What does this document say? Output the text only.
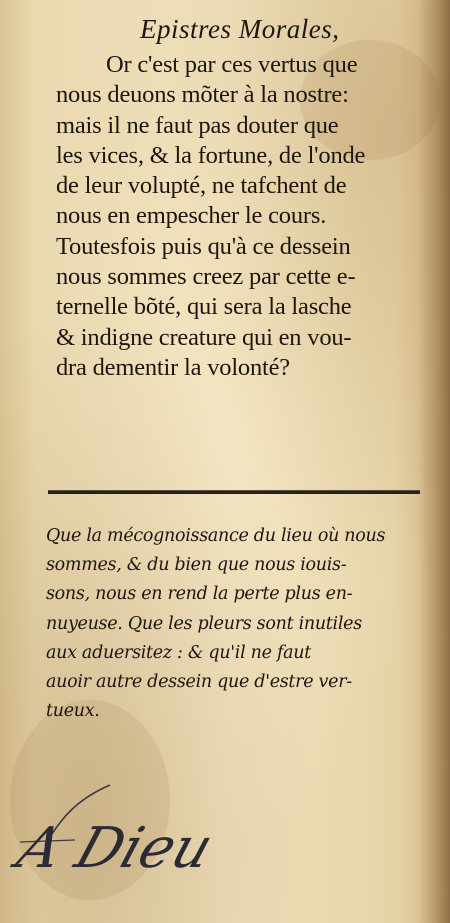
Epistres Morales,
Or c'est par ces vertus que
nous deuons mõter à la nostre:
mais il ne faut pas douter que
les vices, & la fortune, de l'onde
de leur volupté, ne tafchent de
nous en empescher le cours.
Toutesfois puis qu'à ce dessein
nous sommes creez par cette e-
ternelle bõté, qui sera la lasche
& indigne creature qui en vou-
dra dementir la volonté?
Que la mécognoissance du lieu où nous
sommes, & du bien que nous iouis-
sons, nous en rend la perte plus en-
nuyeuse. Que les pleurs sont inutiles
aux aduersitez : & qu'il ne faut
auoir autre dessein que d'estre ver-
tueux.
A Dieu
